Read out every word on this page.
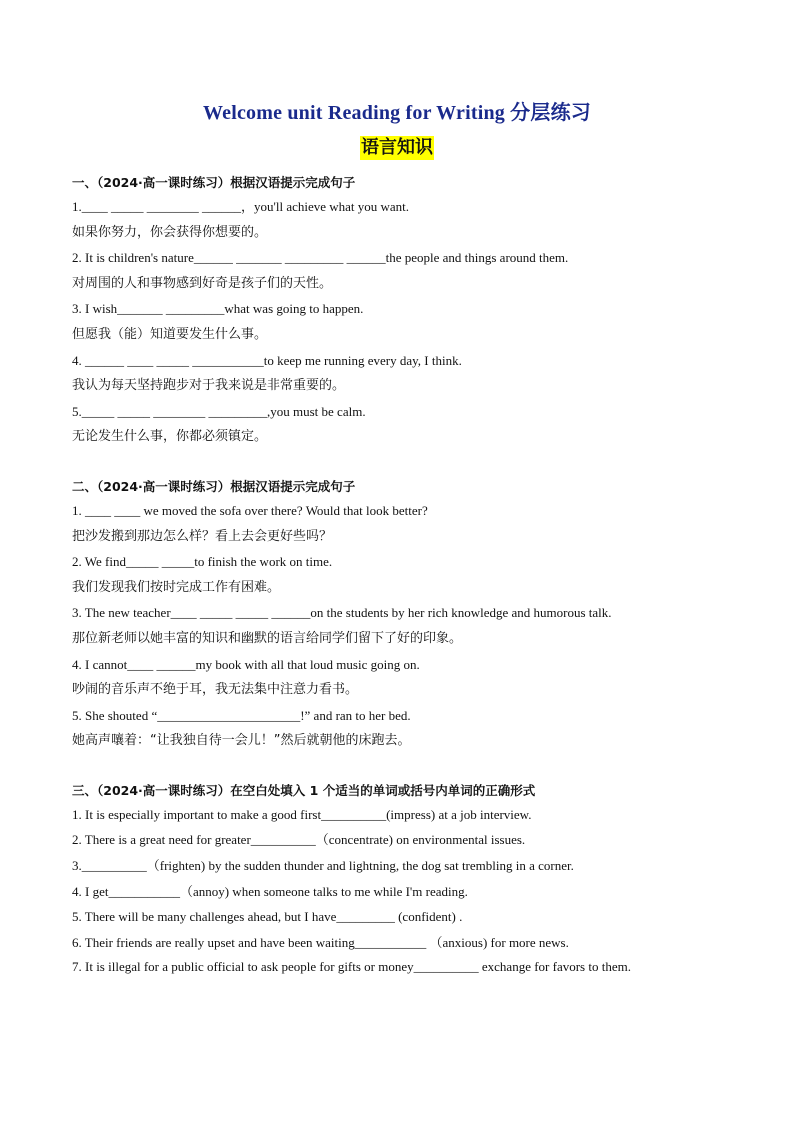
Welcome unit Reading for Writing 分层练习
语言知识
一、（2024·高一课时练习）根据汉语提示完成句子
1.____ _____ ________ ______，you'll achieve what you want.
如果你努力，你会获得你想要的。
2. It is children's nature______ _______ _________ ______the people and things around them.
对周围的人和事物感到好奇是孩子们的天性。
3. I wish_______ _________what was going to happen.
但愿我（能）知道要发生什么事。
4. ______ ____ _____ ___________to keep me running every day, I think.
我认为每天坚持跑步对于我来说是非常重要的。
5._____ _____ ________ _________,you must be calm.
无论发生什么事，你都必须镇定。
二、（2024·高一课时练习）根据汉语提示完成句子
1. ____ ____ we moved the sofa over there? Would that look better?
把沙发搬到那边怎么样？看上去会更好些吗？
2. We find_____ _____to finish the work on time.
我们发现我们按时完成工作有困难。
3. The new teacher____ _____ _____ ______on the students by her rich knowledge and humorous talk.
那位新老师以她丰富的知识和幽默的语言给同学们留下了好的印象。
4. I cannot____ ______my book with all that loud music going on.
吵闹的音乐声不绝于耳，我无法集中注意力看书。
5. She shouted “______________________!” and ran to her bed.
她高声嚷着：“让我独自待一会儿！”然后就朝他的床跑去。
三、（2024·高一课时练习）在空白处填入 1 个适当的单词或括号内单词的正确形式
1. It is especially important to make a good first__________(impress) at a job interview.
2. There is a great need for greater__________（concentrate) on environmental issues.
3.__________（frighten) by the sudden thunder and lightning, the dog sat trembling in a corner.
4. I get___________（annoy) when someone talks to me while I'm reading.
5. There will be many challenges ahead, but I have_________ (confident) .
6. Their friends are really upset and have been waiting___________ （anxious) for more news.
7. It is illegal for a public official to ask people for gifts or money__________ exchange for favors to them.
